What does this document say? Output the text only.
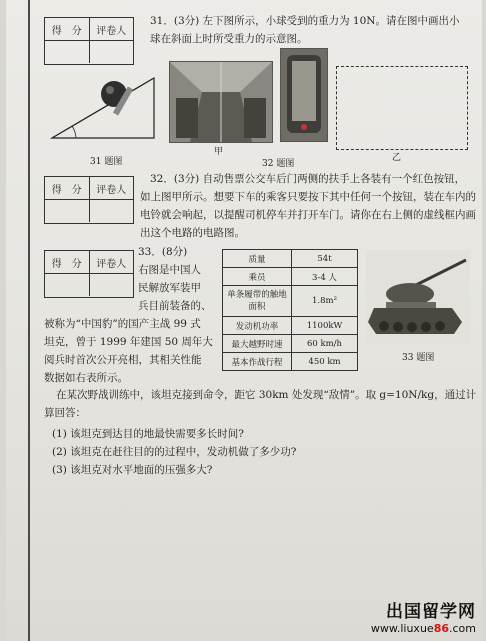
得　分	评卷人
31．(3分) 左下图所示，小球受到的重力为 10N。请在图中画出小
球在斜面上时所受重力的示意图。
31 题图
甲
32 题图
乙
得　分	评卷人
32．(3分) 自动售票公交车后门两侧的扶手上各装有一个红色按钮，
如上图甲所示。想要下车的乘客只要按下其中任何一个按钮，装在车内的
电铃就会响起，以提醒司机停车并打开车门。请你在右上侧的虚线框内画
出这个电路的电路图。
得　分	评卷人
33．(8分)
右图是中国人
民解放军装甲
兵目前装备的、
被称为“中国豹”的国产主战 99 式
坦克，曾于 1999 年建国 50 周年大
阅兵时首次公开亮相，其相关性能
数据如右表所示。
质量	54t
乘员	3-4 人
单条履带的触地面积	1.8m²
发动机功率	1100kW
最大越野时速	60 km/h
基本作战行程	450 km	33 题图
在某次野战训练中，该坦克接到命令，距它 30km 处发现“敌情”。取 g=10N/kg，通过计
算回答：
(1) 该坦克到达目的地最快需要多长时间?
(2) 该坦克在赶往目的的过程中，发动机做了多少功?
(3) 该坦克对水平地面的压强多大?
出国留学网
www.liuxue86.com
